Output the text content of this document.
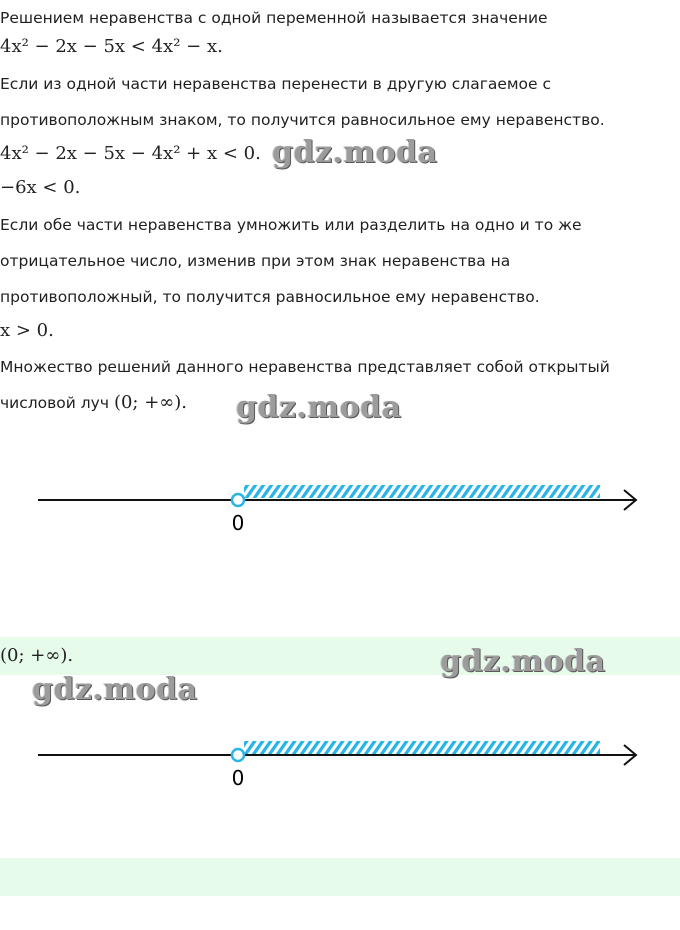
Решением неравенства с одной переменной называется значение
4x² − 2x − 5x < 4x² − x.
Если из одной части неравенства перенести в другую слагаемое с
противоположным знаком, то получится равносильное ему неравенство.
4x² − 2x − 5x − 4x² + x < 0. gdz.moda
−6x < 0.
Если обе части неравенства умножить или разделить на одно и то же
отрицательное число, изменив при этом знак неравенства на
противоположный, то получится равносильное ему неравенство.
x > 0.
Множество решений данного неравенства представляет собой открытый
числовой луч (0; +∞). gdz.moda
0
(0; +∞).	gdz.moda
gdz.moda
0
